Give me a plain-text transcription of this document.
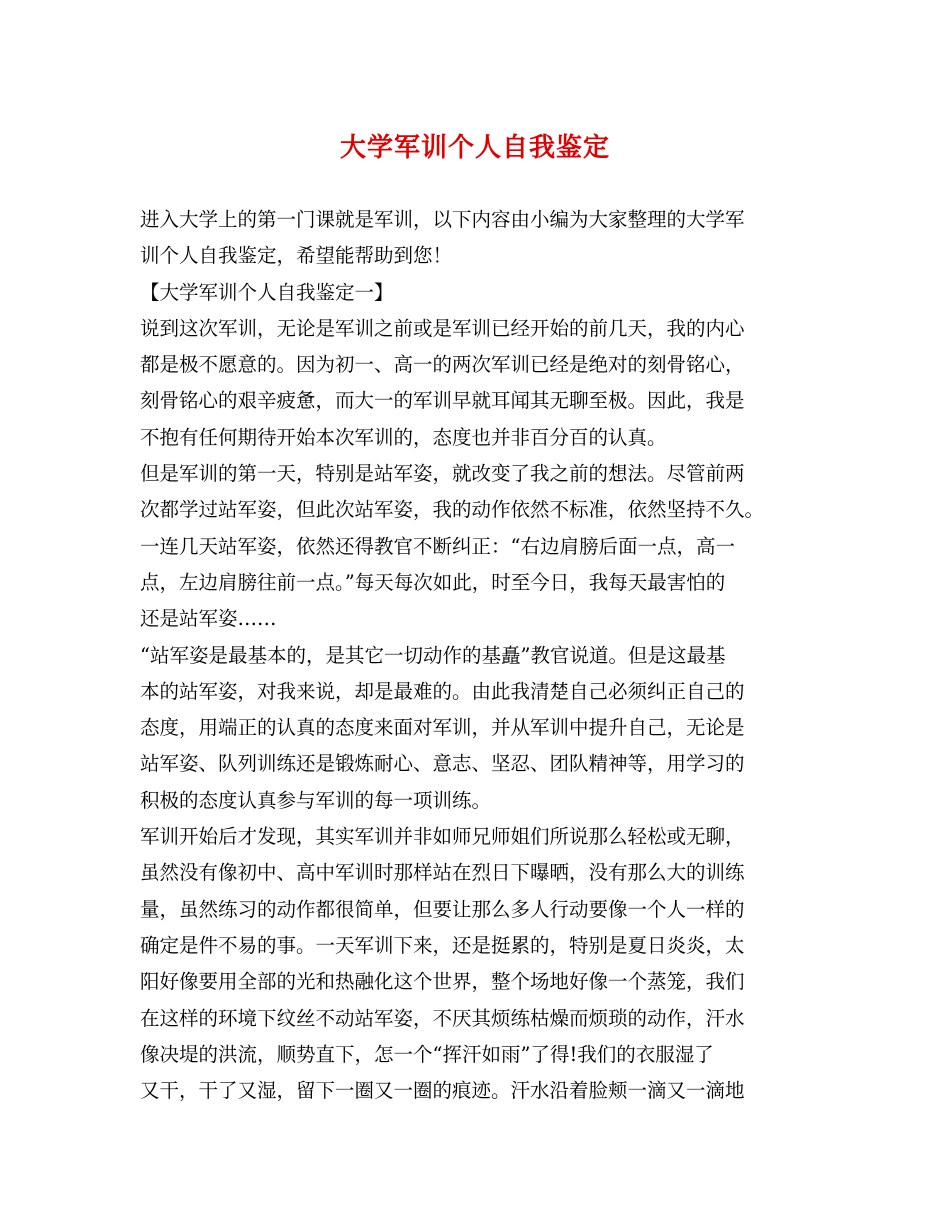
大学军训个人自我鉴定
进入大学上的第一门课就是军训，以下内容由小编为大家整理的大学军
训个人自我鉴定，希望能帮助到您！
【大学军训个人自我鉴定一】
说到这次军训，无论是军训之前或是军训已经开始的前几天，我的内心
都是极不愿意的。因为初一、高一的两次军训已经是绝对的刻骨铭心，
刻骨铭心的艰辛疲惫，而大一的军训早就耳闻其无聊至极。因此，我是
不抱有任何期待开始本次军训的，态度也并非百分百的认真。
但是军训的第一天，特别是站军姿，就改变了我之前的想法。尽管前两
次都学过站军姿，但此次站军姿，我的动作依然不标准，依然坚持不久。
一连几天站军姿，依然还得教官不断纠正：“右边肩膀后面一点，高一
点，左边肩膀往前一点。”每天每次如此，时至今日，我每天最害怕的
还是站军姿……
“站军姿是最基本的，是其它一切动作的基矗”教官说道。但是这最基
本的站军姿，对我来说，却是最难的。由此我清楚自己必须纠正自己的
态度，用端正的认真的态度来面对军训，并从军训中提升自己，无论是
站军姿、队列训练还是锻炼耐心、意志、坚忍、团队精神等，用学习的
积极的态度认真参与军训的每一项训练。
军训开始后才发现，其实军训并非如师兄师姐们所说那么轻松或无聊，
虽然没有像初中、高中军训时那样站在烈日下曝晒，没有那么大的训练
量，虽然练习的动作都很简单，但要让那么多人行动要像一个人一样的
确定是件不易的事。一天军训下来，还是挺累的，特别是夏日炎炎，太
阳好像要用全部的光和热融化这个世界，整个场地好像一个蒸笼，我们
在这样的环境下纹丝不动站军姿，不厌其烦练枯燥而烦琐的动作，汗水
像决堤的洪流，顺势直下，怎一个“挥汗如雨”了得!我们的衣服湿了
又干，干了又湿，留下一圈又一圈的痕迹。汗水沿着脸颊一滴又一滴地
